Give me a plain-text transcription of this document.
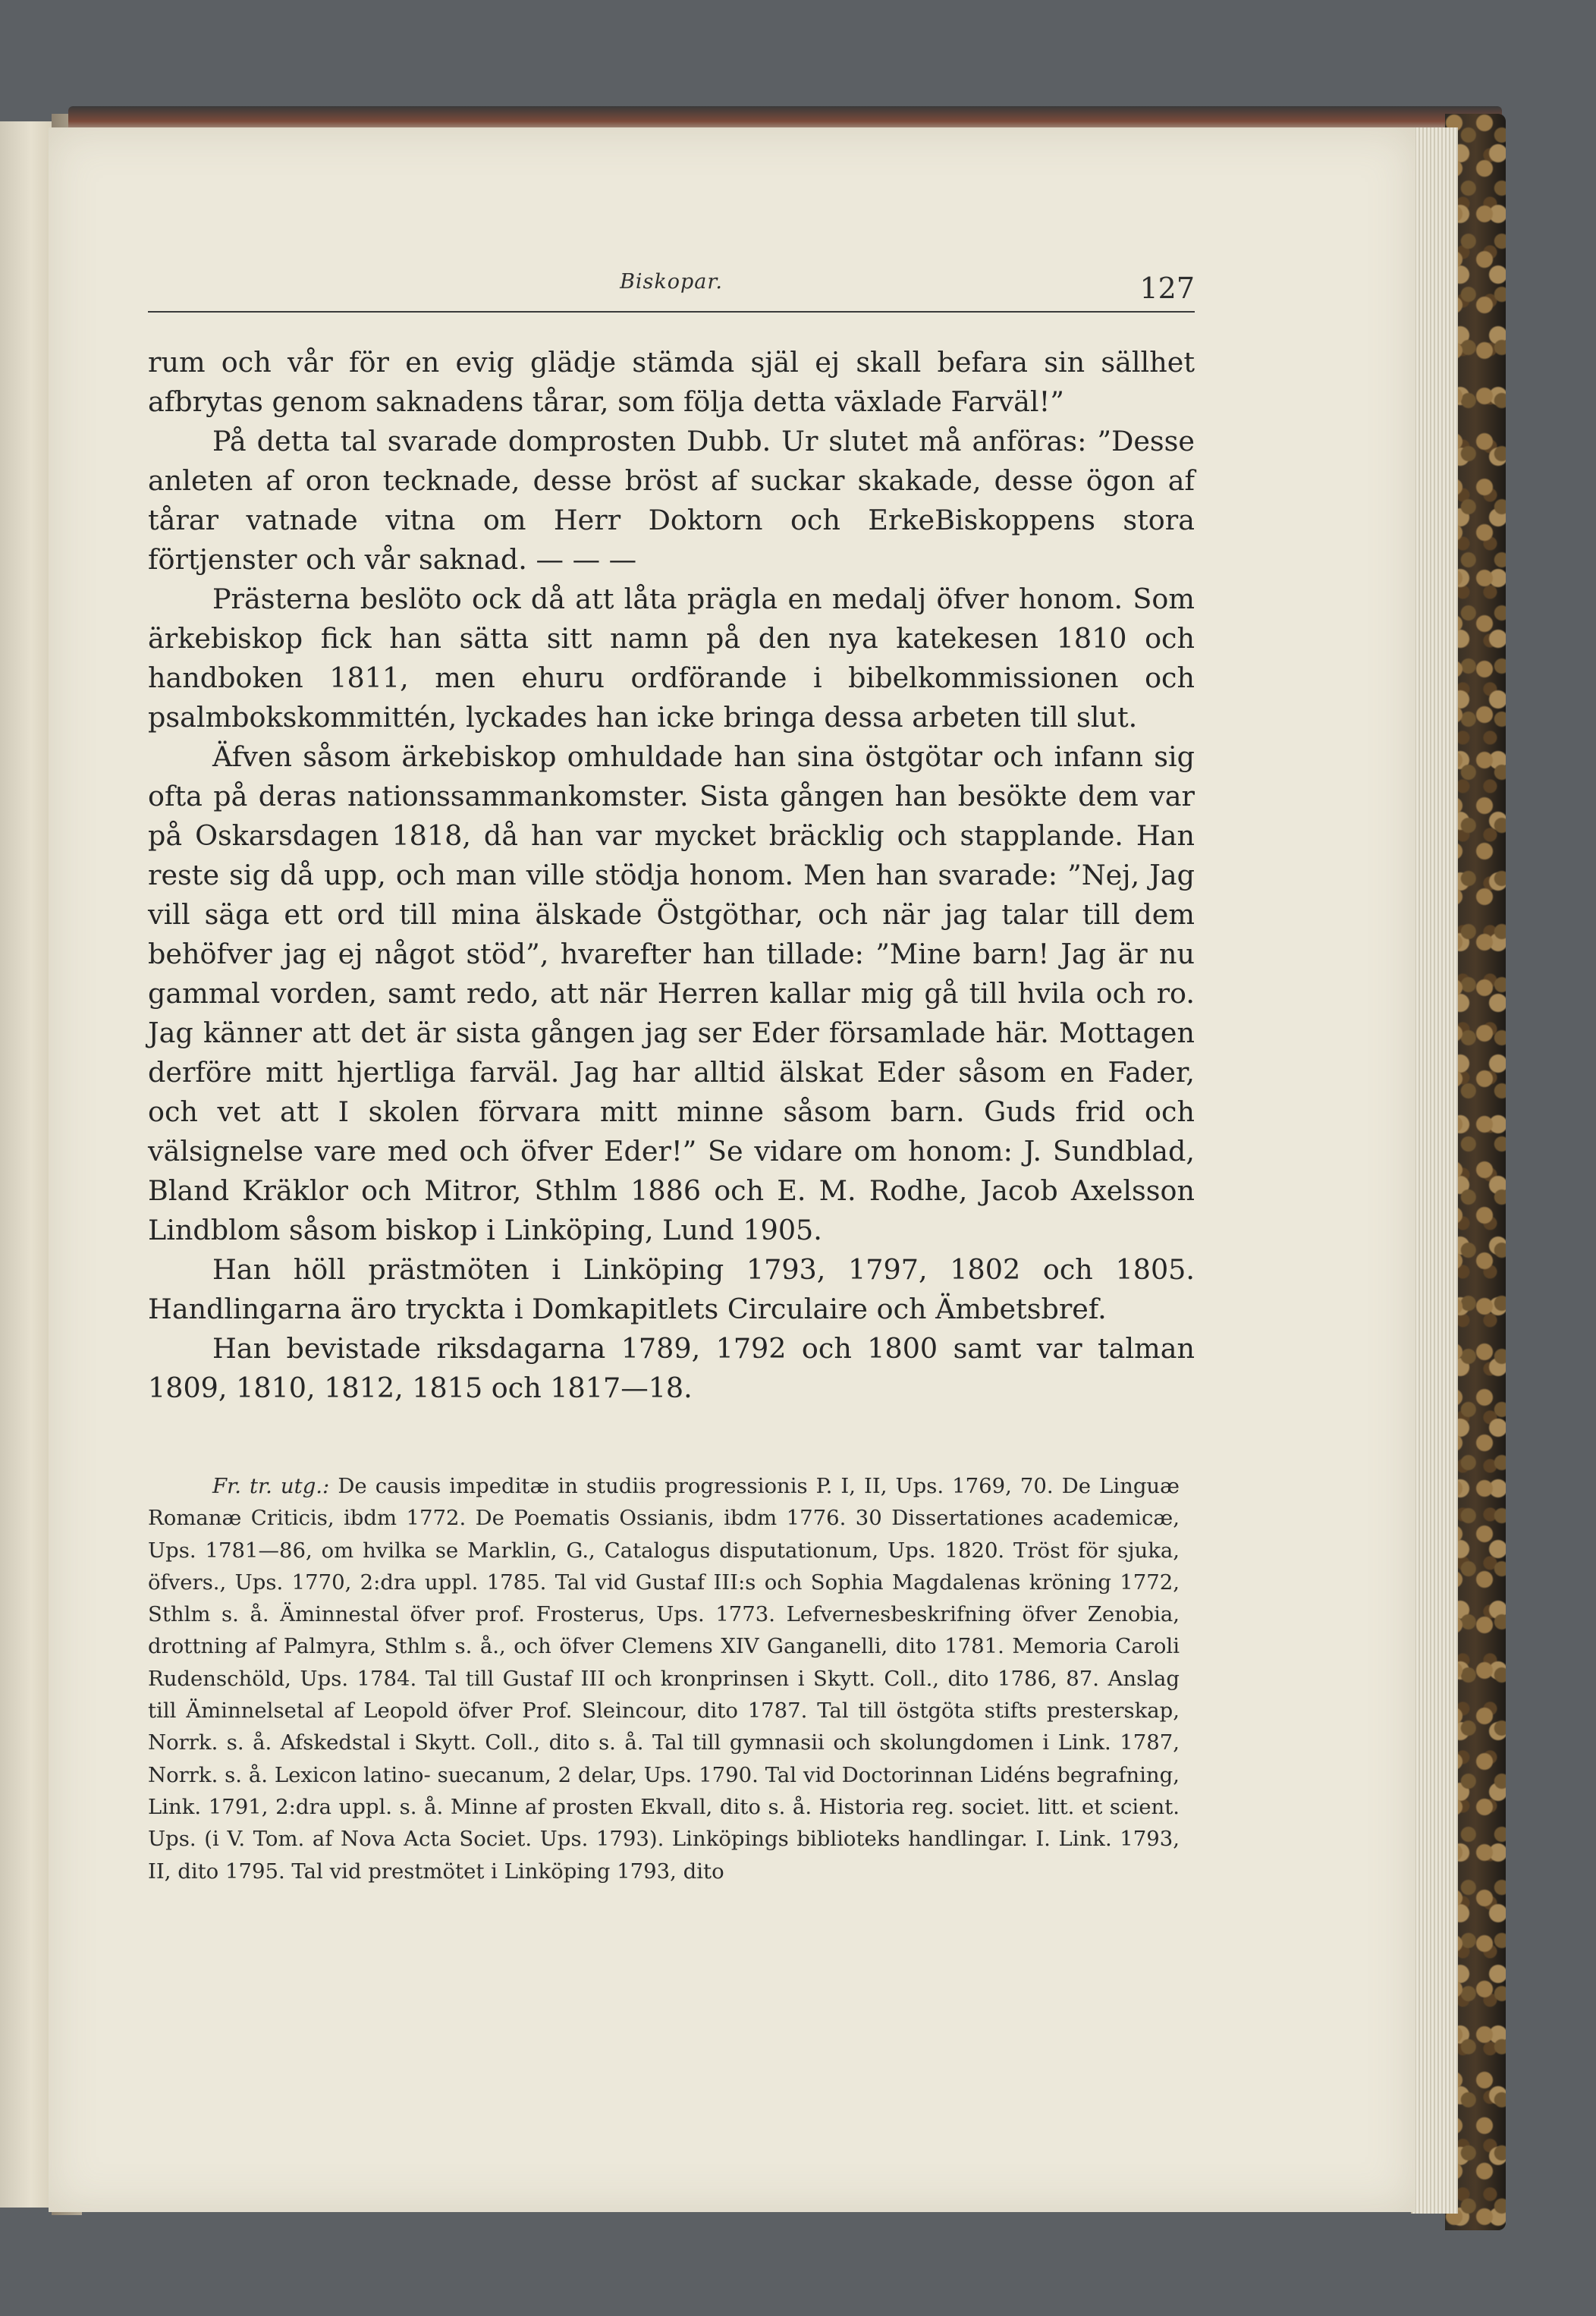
Biskopar.	127

rum och vår för en evig glädje stämda själ ej skall befara sin sällhet afbrytas genom saknadens tårar, som följa detta växlade Farväl!”

På detta tal svarade domprosten Dubb. Ur slutet må anföras: ”Desse anleten af oron tecknade, desse bröst af suckar skakade, desse ögon af tårar vatnade vitna om Herr Doktorn och ErkeBiskoppens stora förtjenster och vår saknad. — — —

Prästerna beslöto ock då att låta prägla en medalj öfver honom. Som ärkebiskop fick han sätta sitt namn på den nya katekesen 1810 och handboken 1811, men ehuru ordförande i bibelkommissionen och psalmbokskommittén, lyckades han icke bringa dessa arbeten till slut.

Äfven såsom ärkebiskop omhuldade han sina östgötar och infann sig ofta på deras nationssammankomster. Sista gången han besökte dem var på Oskarsdagen 1818, då han var mycket bräcklig och stapplande. Han reste sig då upp, och man ville stödja honom. Men han svarade: ”Nej, Jag vill säga ett ord till mina älskade Östgöthar, och när jag talar till dem behöfver jag ej något stöd”, hvarefter han tillade: ”Mine barn! Jag är nu gammal vorden, samt redo, att när Herren kallar mig gå till hvila och ro. Jag känner att det är sista gången jag ser Eder församlade här. Mottagen derföre mitt hjertliga farväl. Jag har alltid älskat Eder såsom en Fader, och vet att I skolen förvara mitt minne såsom barn. Guds frid och välsignelse vare med och öfver Eder!” Se vidare om honom: J. Sundblad, Bland Kräklor och Mitror, Sthlm 1886 och E. M. Rodhe, Jacob Axelsson Lindblom såsom biskop i Linköping, Lund 1905.

Han höll prästmöten i Linköping 1793, 1797, 1802 och 1805. Handlingarna äro tryckta i Domkapitlets Circulaire och Ämbetsbref.

Han bevistade riksdagarna 1789, 1792 och 1800 samt var talman 1809, 1810, 1812, 1815 och 1817—18.

Fr. tr. utg.: De causis impeditæ in studiis progressionis P. I, II, Ups. 1769, 70. De Linguæ Romanæ Criticis, ibdm 1772. De Poematis Ossianis, ibdm 1776. 30 Dissertationes academicæ, Ups. 1781—86, om hvilka se Marklin, G., Catalogus disputationum, Ups. 1820. Tröst för sjuka, öfvers., Ups. 1770, 2:dra uppl. 1785. Tal vid Gustaf III:s och Sophia Magdalenas kröning 1772, Sthlm s. å. Äminnestal öfver prof. Frosterus, Ups. 1773. Lefvernesbeskrifning öfver Zenobia, drottning af Palmyra, Sthlm s. å., och öfver Clemens XIV Ganganelli, dito 1781. Memoria Caroli Rudenschöld, Ups. 1784. Tal till Gustaf III och kronprinsen i Skytt. Coll., dito 1786, 87. Anslag till Äminnelsetal af Leopold öfver Prof. Sleincour, dito 1787. Tal till östgöta stifts presterskap, Norrk. s. å. Afskedstal i Skytt. Coll., dito s. å. Tal till gymnasii och skolungdomen i Link. 1787, Norrk. s. å. Lexicon latino- suecanum, 2 delar, Ups. 1790. Tal vid Doctorinnan Lidéns begrafning, Link. 1791, 2:dra uppl. s. å. Minne af prosten Ekvall, dito s. å. Historia reg. societ. litt. et scient. Ups. (i V. Tom. af Nova Acta Societ. Ups. 1793). Linköpings biblioteks handlingar. I. Link. 1793, II, dito 1795. Tal vid prestmötet i Linköping 1793, dito
